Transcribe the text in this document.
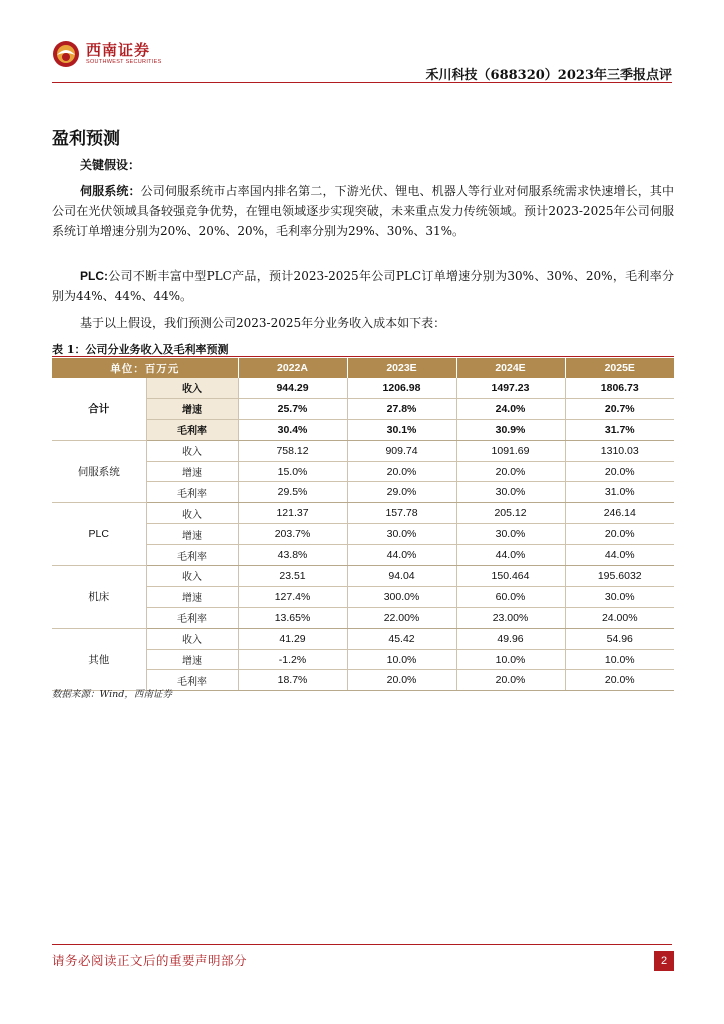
西南证券
SOUTHWEST SECURITIES
禾川科技（688320）2023年三季报点评
盈利预测
关键假设：
伺服系统：公司伺服系统市占率国内排名第二，下游光伏、锂电、机器人等行业对伺服系统需求快速增长，其中公司在光伏领域具备较强竞争优势，在锂电领域逐步实现突破，未来重点发力传统领域。预计2023-2025年公司伺服系统订单增速分别为20%、20%、20%，毛利率分别为29%、30%、31%。
PLC:公司不断丰富中型PLC产品，预计2023-2025年公司PLC订单增速分别为30%、30%、20%，毛利率分别为44%、44%、44%。
基于以上假设，我们预测公司2023-2025年分业务收入成本如下表：
表 1：公司分业务收入及毛利率预测
单位：百万元		2022A	2023E	2024E	2025E
合计	收入	944.29	1206.98	1497.23	1806.73
	增速	25.7%	27.8%	24.0%	20.7%
	毛利率	30.4%	30.1%	30.9%	31.7%
伺服系统	收入	758.12	909.74	1091.69	1310.03
	增速	15.0%	20.0%	20.0%	20.0%
	毛利率	29.5%	29.0%	30.0%	31.0%
PLC	收入	121.37	157.78	205.12	246.14
	增速	203.7%	30.0%	30.0%	20.0%
	毛利率	43.8%	44.0%	44.0%	44.0%
机床	收入	23.51	94.04	150.464	195.6032
	增速	127.4%	300.0%	60.0%	30.0%
	毛利率	13.65%	22.00%	23.00%	24.00%
其他	收入	41.29	45.42	49.96	54.96
	增速	-1.2%	10.0%	10.0%	10.0%
	毛利率	18.7%	20.0%	20.0%	20.0%
数据来源：Wind，西南证券
请务必阅读正文后的重要声明部分	2
